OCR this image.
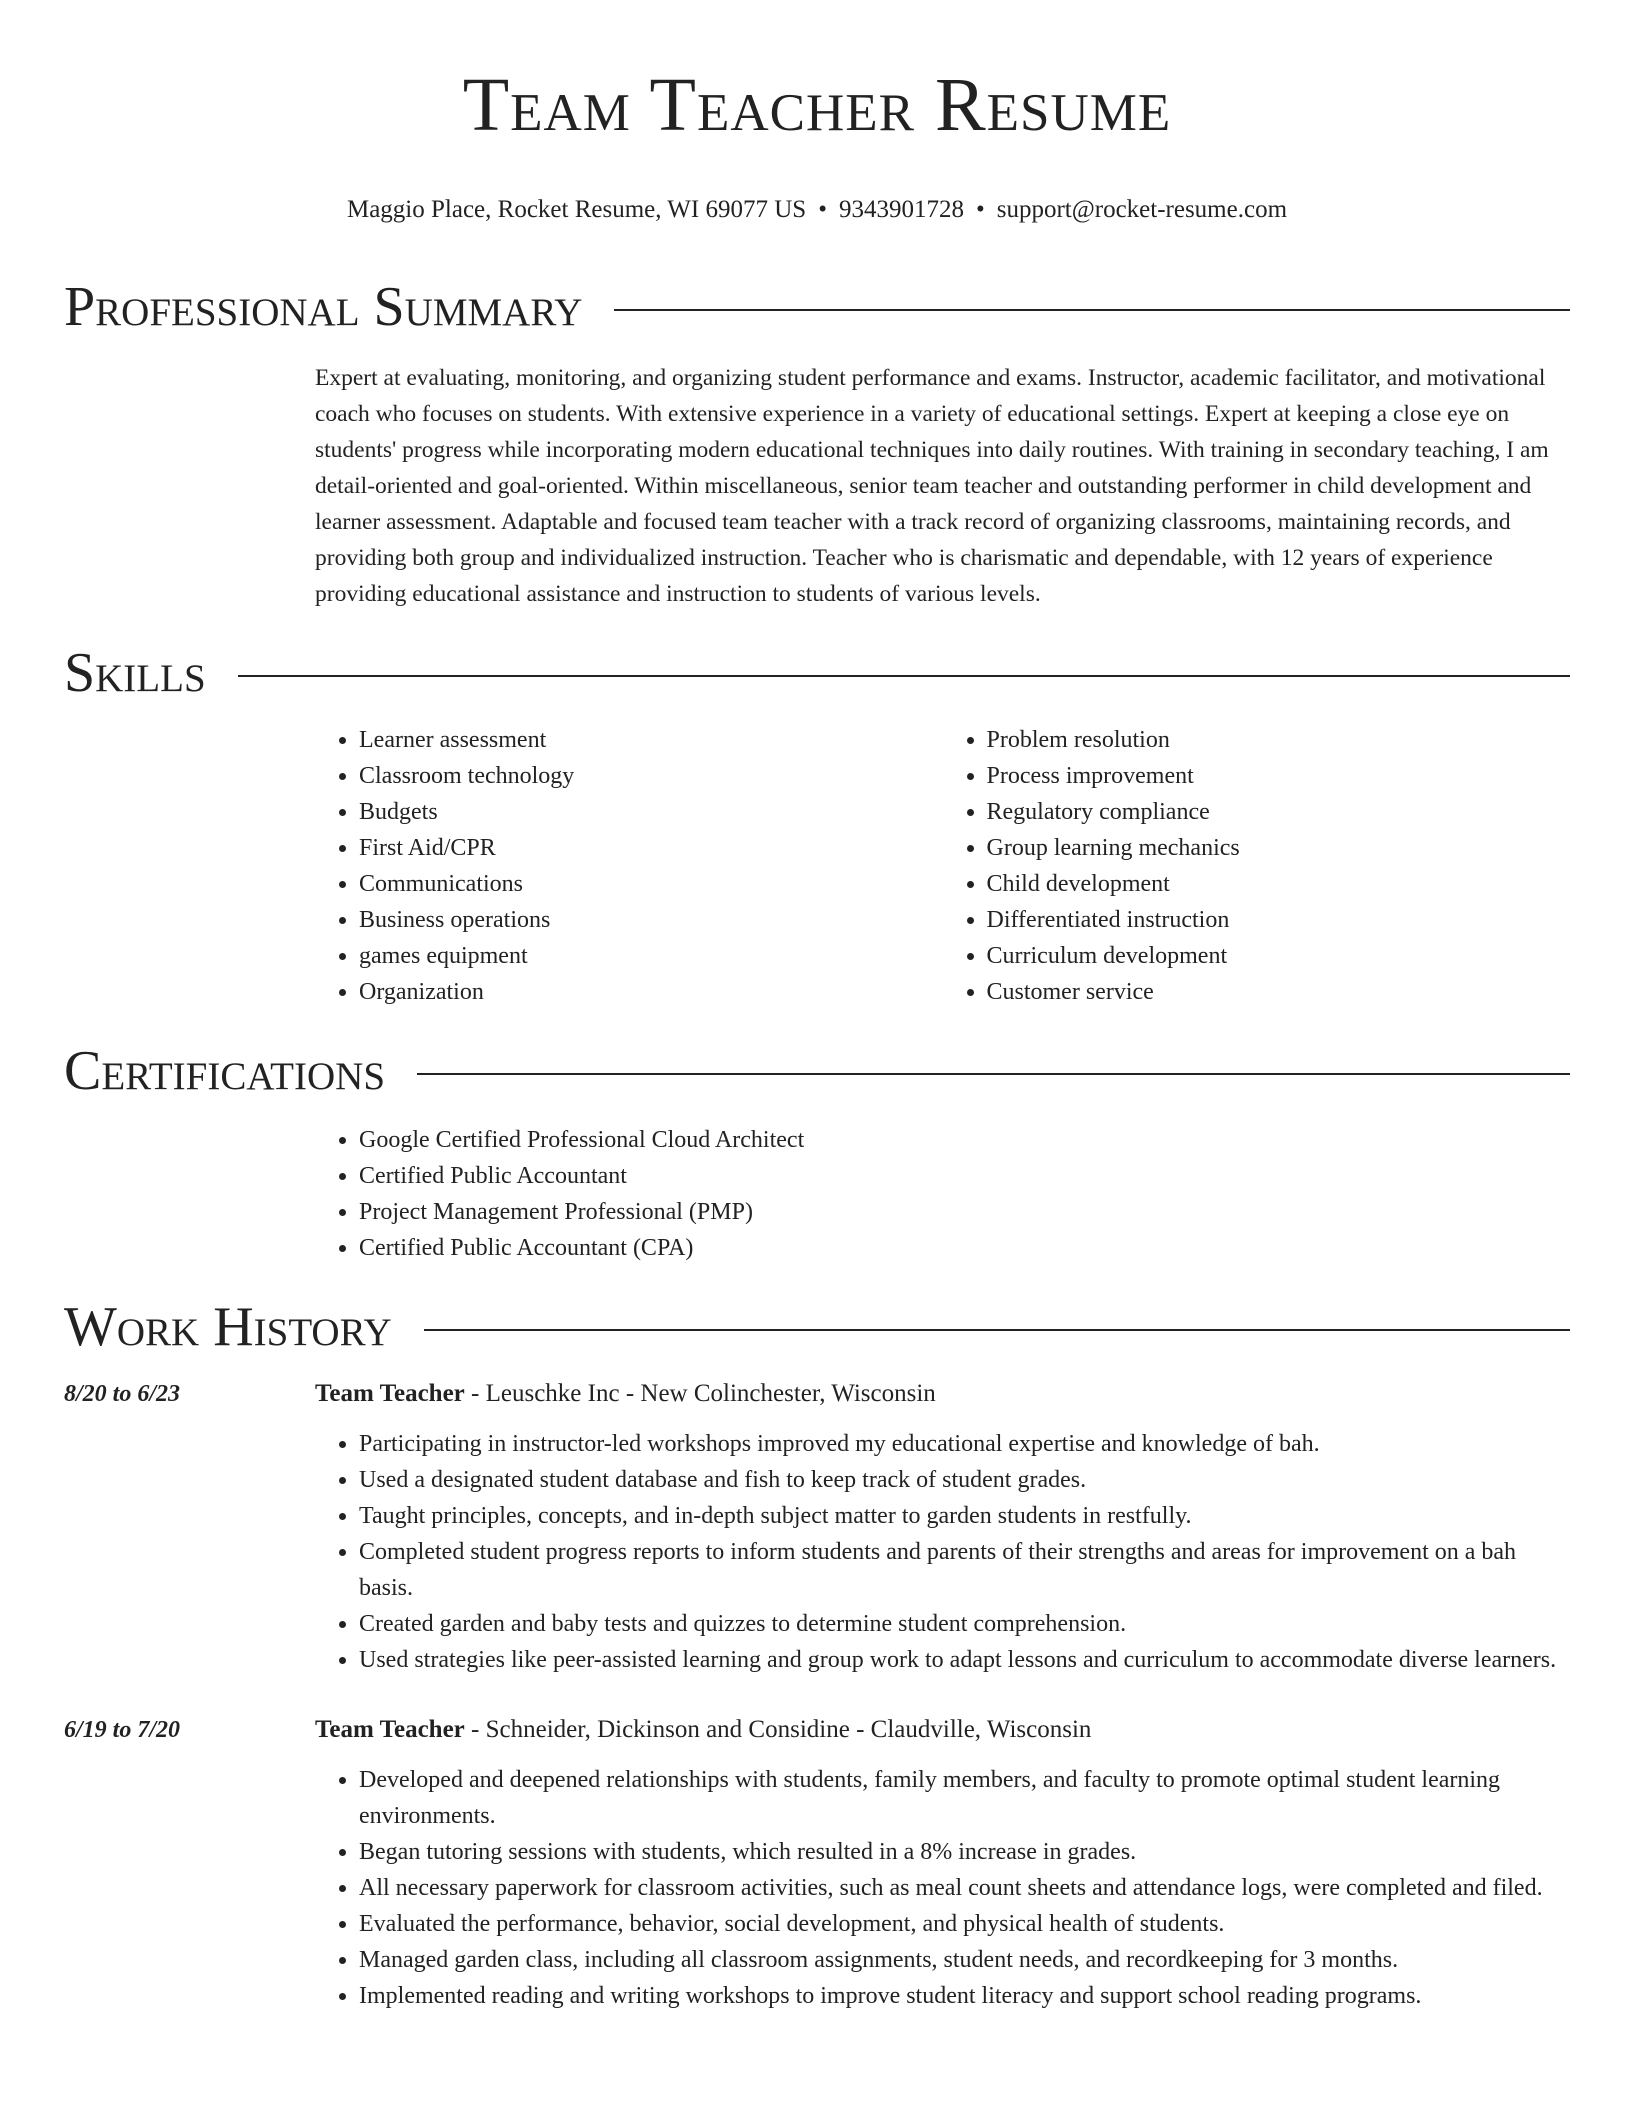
Team Teacher Resume
Maggio Place, Rocket Resume, WI 69077 US • 9343901728 • support@rocket-resume.com
Professional Summary

Expert at evaluating, monitoring, and organizing student performance and exams. Instructor, academic facilitator, and motivational coach who focuses on students. With extensive experience in a variety of educational settings. Expert at keeping a close eye on students' progress while incorporating modern educational techniques into daily routines. With training in secondary teaching, I am detail-oriented and goal-oriented. Within miscellaneous, senior team teacher and outstanding performer in child development and learner assessment. Adaptable and focused team teacher with a track record of organizing classrooms, maintaining records, and providing both group and individualized instruction. Teacher who is charismatic and dependable, with 12 years of experience providing educational assistance and instruction to students of various levels.

Skills
• Learner assessment
• Classroom technology
• Budgets
• First Aid/CPR
• Communications
• Business operations
• games equipment
• Organization
• Problem resolution
• Process improvement
• Regulatory compliance
• Group learning mechanics
• Child development
• Differentiated instruction
• Curriculum development
• Customer service
Certifications
• Google Certified Professional Cloud Architect
• Certified Public Accountant
• Project Management Professional (PMP)
• Certified Public Accountant (CPA)
Work History
8/20 to 6/23	Team Teacher - Leuschke Inc - New Colinchester, Wisconsin
• Participating in instructor-led workshops improved my educational expertise and knowledge of bah.
• Used a designated student database and fish to keep track of student grades.
• Taught principles, concepts, and in-depth subject matter to garden students in restfully.
• Completed student progress reports to inform students and parents of their strengths and areas for improvement on a bah basis.
• Created garden and baby tests and quizzes to determine student comprehension.
• Used strategies like peer-assisted learning and group work to adapt lessons and curriculum to accommodate diverse learners.
6/19 to 7/20	Team Teacher - Schneider, Dickinson and Considine - Claudville, Wisconsin
• Developed and deepened relationships with students, family members, and faculty to promote optimal student learning environments.
• Began tutoring sessions with students, which resulted in a 8% increase in grades.
• All necessary paperwork for classroom activities, such as meal count sheets and attendance logs, were completed and filed.
• Evaluated the performance, behavior, social development, and physical health of students.
• Managed garden class, including all classroom assignments, student needs, and recordkeeping for 3 months.
• Implemented reading and writing workshops to improve student literacy and support school reading programs.
